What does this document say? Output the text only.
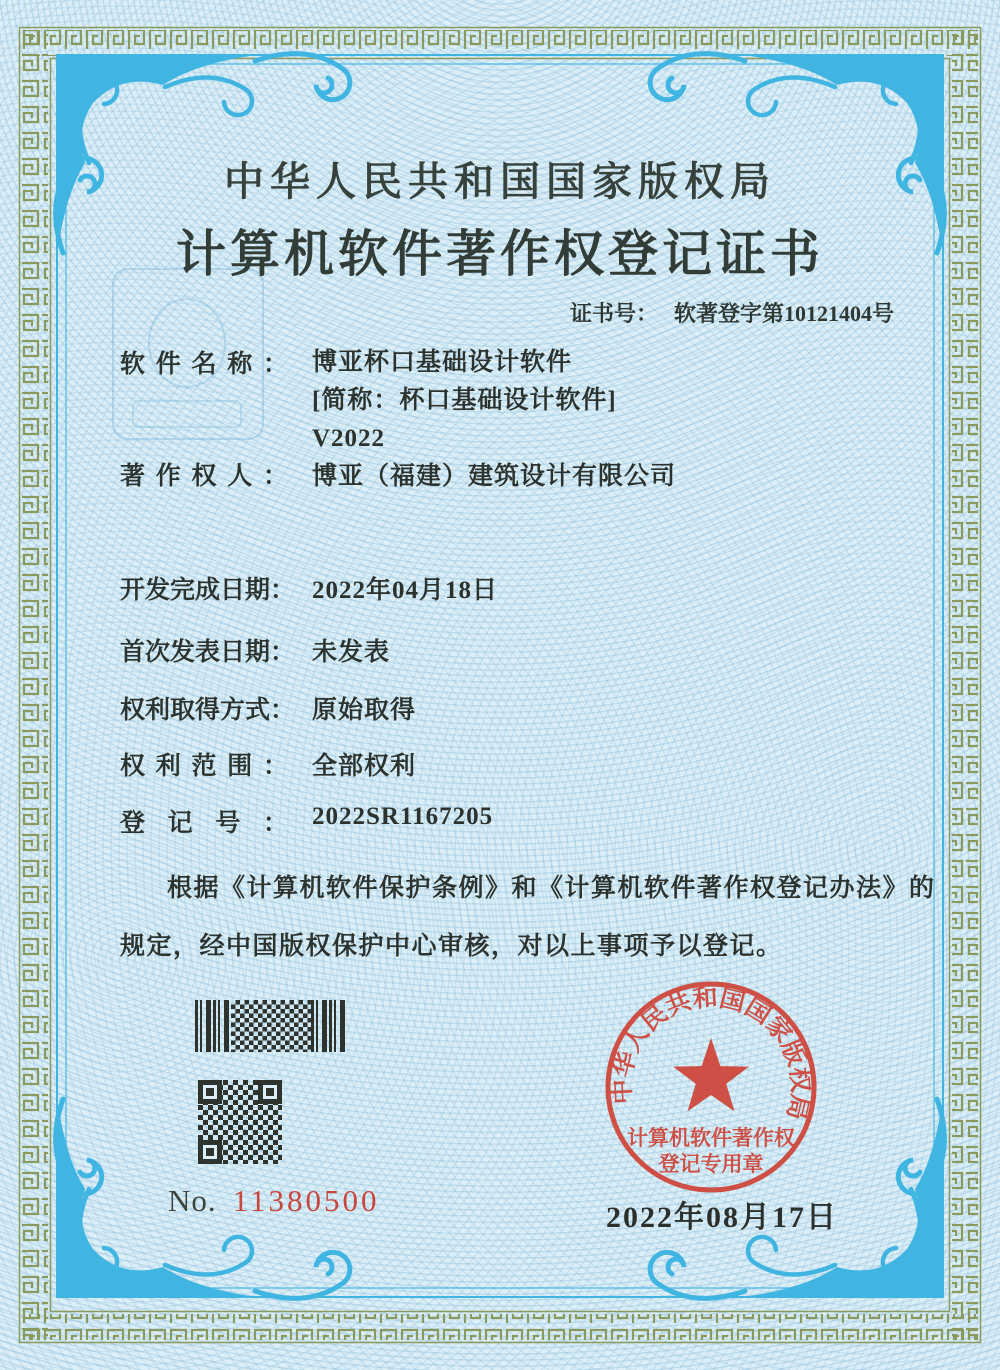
中华人民共和国国家版权局
计算机软件著作权登记证书
证书号： 软著登字第10121404号
软件名称： 博亚杯口基础设计软件
[简称：杯口基础设计软件]
V2022
著作权人： 博亚（福建）建筑设计有限公司
开发完成日期： 2022年04月18日
首次发表日期： 未发表
权利取得方式： 原始取得
权利范围： 全部权利
登记号： 2022SR1167205
根据《计算机软件保护条例》和《计算机软件著作权登记办法》的
规定，经中国版权保护中心审核，对以上事项予以登记。
No. 11380500
中华人民共和国国家版权局
计算机软件著作权
登记专用章
2022年08月17日
